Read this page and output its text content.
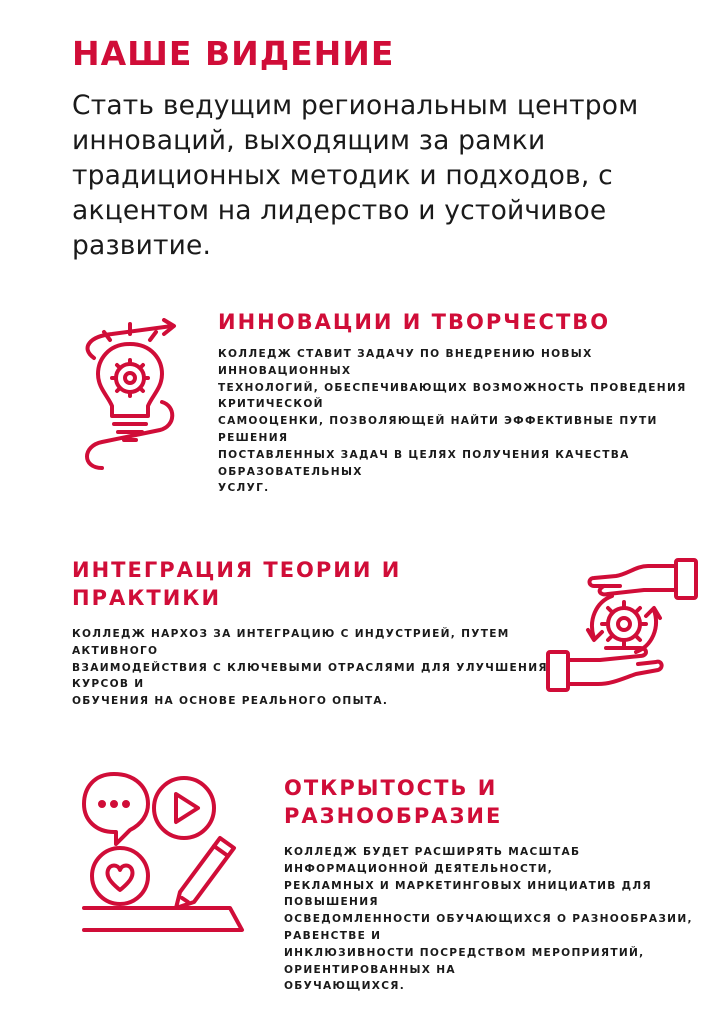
НАШЕ ВИДЕНИЕ

Стать ведущим региональным центром инноваций, выходящим за рамки традиционных методик и подходов, с акцентом на лидерство и устойчивое развитие.

ИННОВАЦИИ И ТВОРЧЕСТВО
КОЛЛЕДЖ СТАВИТ ЗАДАЧУ ПО ВНЕДРЕНИЮ НОВЫХ
ИННОВАЦИОННЫХ
ТЕХНОЛОГИЙ, ОБЕСПЕЧИВАЮЩИХ ВОЗМОЖНОСТЬ ПРОВЕДЕНИЯ
КРИТИЧЕСКОЙ
САМООЦЕНКИ, ПОЗВОЛЯЮЩЕЙ НАЙТИ ЭФФЕКТИВНЫЕ ПУТИ
РЕШЕНИЯ
ПОСТАВЛЕННЫХ ЗАДАЧ В ЦЕЛЯХ ПОЛУЧЕНИЯ КАЧЕСТВА
ОБРАЗОВАТЕЛЬНЫХ
УСЛУГ.
ИНТЕГРАЦИЯ ТЕОРИИ И
ПРАКТИКИ
КОЛЛЕДЖ НАРХОЗ ЗА ИНТЕГРАЦИЮ С ИНДУСТРИЕЙ, ПУТЕМ
АКТИВНОГО
ВЗАИМОДЕЙСТВИЯ С КЛЮЧЕВЫМИ ОТРАСЛЯМИ ДЛЯ УЛУЧШЕНИЯ
КУРСОВ И
ОБУЧЕНИЯ НА ОСНОВЕ РЕАЛЬНОГО ОПЫТА.
ОТКРЫТОСТЬ И
РАЗНООБРАЗИЕ
КОЛЛЕДЖ БУДЕТ РАСШИРЯТЬ МАСШТАБ
ИНФОРМАЦИОННОЙ ДЕЯТЕЛЬНОСТИ,
РЕКЛАМНЫХ И МАРКЕТИНГОВЫХ ИНИЦИАТИВ ДЛЯ
ПОВЫШЕНИЯ
ОСВЕДОМЛЕННОСТИ ОБУЧАЮЩИХСЯ О РАЗНООБРАЗИИ,
РАВЕНСТВЕ И
ИНКЛЮЗИВНОСТИ ПОСРЕДСТВОМ МЕРОПРИЯТИЙ,
ОРИЕНТИРОВАННЫХ НА
ОБУЧАЮЩИХСЯ.
